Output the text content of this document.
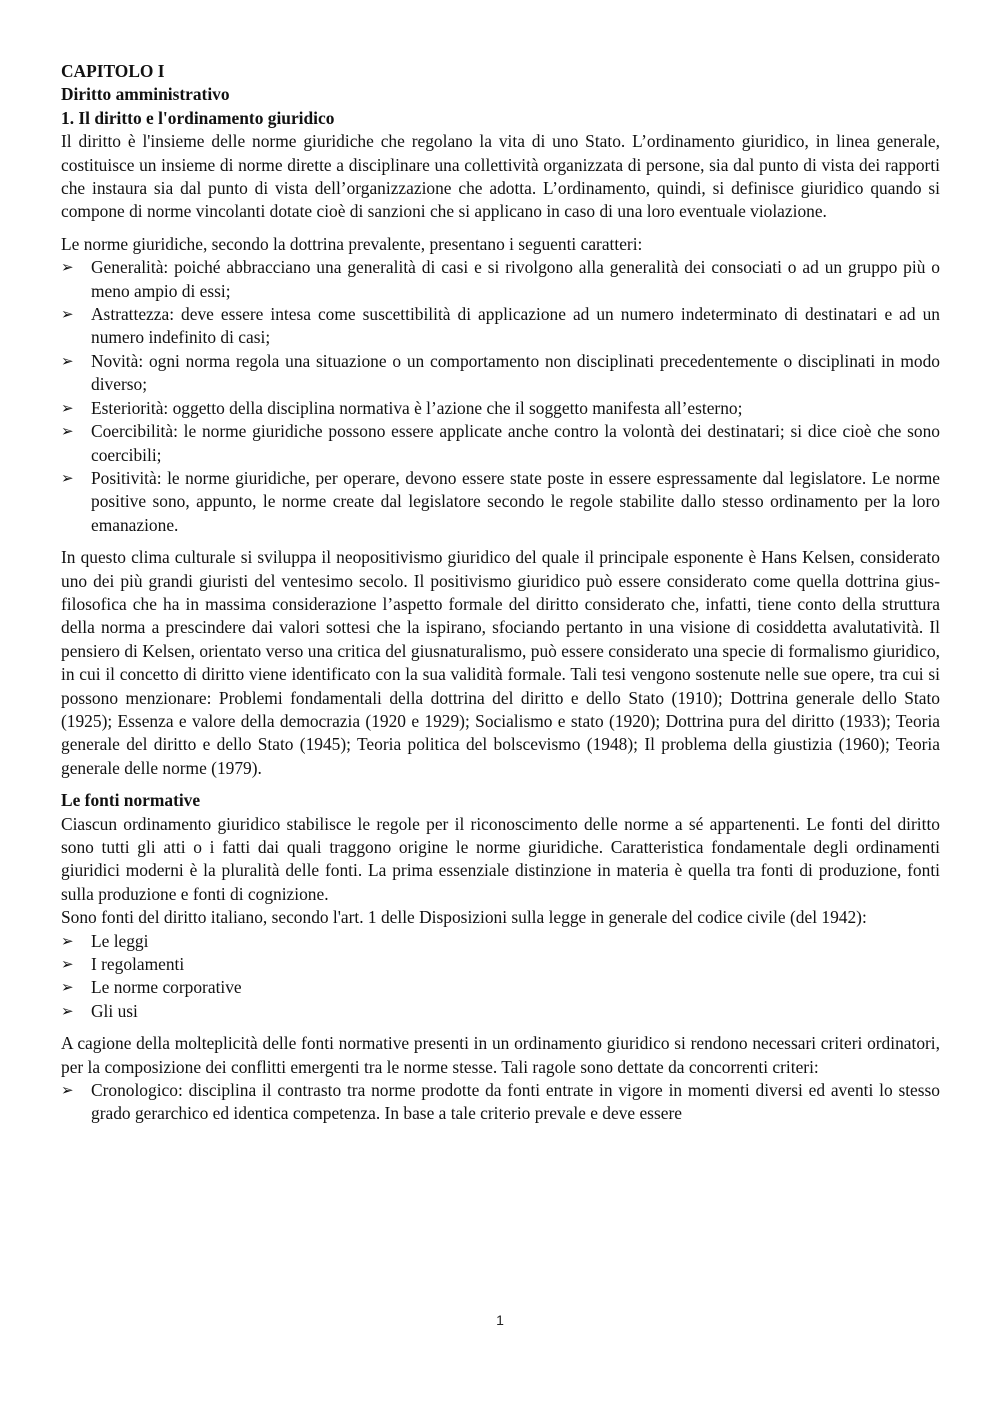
CAPITOLO I
Diritto amministrativo
1. Il diritto e l'ordinamento giuridico

Il diritto è l'insieme delle norme giuridiche che regolano la vita di uno Stato. L’ordinamento giuridico, in linea generale, costituisce un insieme di norme dirette a disciplinare una collettività organizzata di persone, sia dal punto di vista dei rapporti che instaura sia dal punto di vista dell’organizzazione che adotta. L’ordinamento, quindi, si definisce giuridico quando si compone di norme vincolanti dotate cioè di sanzioni che si applicano in caso di una loro eventuale violazione.

Le norme giuridiche, secondo la dottrina prevalente, presentano i seguenti caratteri:

➢	Generalità: poiché abbracciano una generalità di casi e si rivolgono alla generalità dei consociati o ad un gruppo più o meno ampio di essi;
➢	Astrattezza: deve essere intesa come suscettibilità di applicazione ad un numero indeterminato di destinatari e ad un numero indefinito di casi;
➢	Novità: ogni norma regola una situazione o un comportamento non disciplinati precedentemente o disciplinati in modo diverso;
➢	Esteriorità: oggetto della disciplina normativa è l’azione che il soggetto manifesta all’esterno;
➢	Coercibilità: le norme giuridiche possono essere applicate anche contro la volontà dei destinatari; si dice cioè che sono coercibili;
➢	Positività: le norme giuridiche, per operare, devono essere state poste in essere espressamente dal legislatore. Le norme positive sono, appunto, le norme create dal legislatore secondo le regole stabilite dallo stesso ordinamento per la loro emanazione.

In questo clima culturale si sviluppa il neopositivismo giuridico del quale il principale esponente è Hans Kelsen, considerato uno dei più grandi giuristi del ventesimo secolo. Il positivismo giuridico può essere considerato come quella dottrina gius-filosofica che ha in massima considerazione l’aspetto formale del diritto considerato che, infatti, tiene conto della struttura della norma a prescindere dai valori sottesi che la ispirano, sfociando pertanto in una visione di cosiddetta avalutatività. Il pensiero di Kelsen, orientato verso una critica del giusnaturalismo, può essere considerato una specie di formalismo giuridico, in cui il concetto di diritto viene identificato con la sua validità formale. Tali tesi vengono sostenute nelle sue opere, tra cui si possono menzionare: Problemi fondamentali della dottrina del diritto e dello Stato (1910); Dottrina generale dello Stato (1925); Essenza e valore della democrazia (1920 e 1929); Socialismo e stato (1920); Dottrina pura del diritto (1933); Teoria generale del diritto e dello Stato (1945); Teoria politica del bolscevismo (1948); Il problema della giustizia (1960); Teoria generale delle norme (1979).

Le fonti normative

Ciascun ordinamento giuridico stabilisce le regole per il riconoscimento delle norme a sé appartenenti. Le fonti del diritto sono tutti gli atti o i fatti dai quali traggono origine le norme giuridiche. Caratteristica fondamentale degli ordinamenti giuridici moderni è la pluralità delle fonti. La prima essenziale distinzione in materia è quella tra fonti di produzione, fonti sulla produzione e fonti di cognizione.

Sono fonti del diritto italiano, secondo l'art. 1 delle Disposizioni sulla legge in generale del codice civile (del 1942):

➢	Le leggi
➢	I regolamenti
➢	Le norme corporative
➢	Gli usi

A cagione della molteplicità delle fonti normative presenti in un ordinamento giuridico si rendono necessari criteri ordinatori, per la composizione dei conflitti emergenti tra le norme stesse. Tali ragole sono dettate da concorrenti criteri:

➢	Cronologico: disciplina il contrasto tra norme prodotte da fonti entrate in vigore in momenti diversi ed aventi lo stesso grado gerarchico ed identica competenza. In base a tale criterio prevale e deve essere
1
